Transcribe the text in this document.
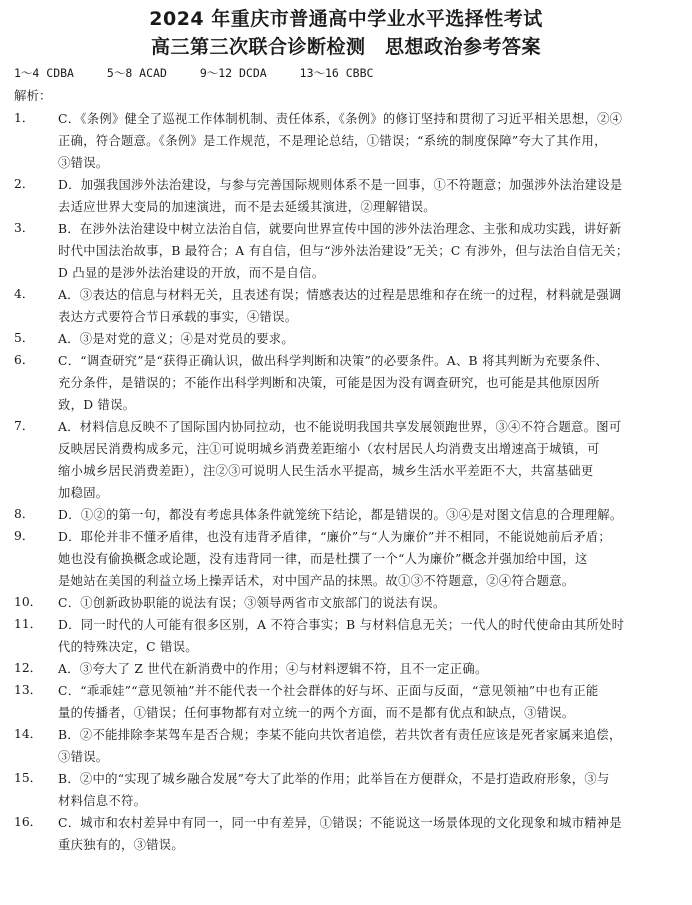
2024 年重庆市普通高中学业水平选择性考试
高三第三次联合诊断检测　思想政治参考答案
1～4 CDBA	5～8 ACAD	9～12 DCDA	13～16 CBBC
解析：
1．	C．《条例》健全了巡视工作体制机制、责任体系，《条例》的修订坚持和贯彻了习近平相关思想，②④
正确，符合题意。《条例》是工作规范，不是理论总结，①错误；“系统的制度保障”夸大了其作用，
③错误。
2．	D．加强我国涉外法治建设，与参与完善国际规则体系不是一回事，①不符题意；加强涉外法治建设是
去适应世界大变局的加速演进，而不是去延缓其演进，②理解错误。
3．	B．在涉外法治建设中树立法治自信，就要向世界宣传中国的涉外法治理念、主张和成功实践，讲好新
时代中国法治故事，B 最符合；A 有自信，但与“涉外法治建设”无关；C 有涉外，但与法治自信无关；
D 凸显的是涉外法治建设的开放，而不是自信。
4．	A．③表达的信息与材料无关，且表述有误；情感表达的过程是思维和存在统一的过程，材料就是强调
表达方式要符合节日承载的事实，④错误。
5．	A．③是对党的意义；④是对党员的要求。
6．	C．“调查研究”是“获得正确认识，做出科学判断和决策”的必要条件。A、B 将其判断为充要条件、
充分条件，是错误的；不能作出科学判断和决策，可能是因为没有调查研究，也可能是其他原因所
致，D 错误。
7．	A．材料信息反映不了国际国内协同拉动，也不能说明我国共享发展领跑世界，③④不符合题意。图可
反映居民消费构成多元，注①可说明城乡消费差距缩小（农村居民人均消费支出增速高于城镇，可
缩小城乡居民消费差距），注②③可说明人民生活水平提高，城乡生活水平差距不大，共富基础更
加稳固。
8．	D．①②的第一句，都没有考虑具体条件就笼统下结论，都是错误的。③④是对图文信息的合理理解。
9．	D．耶伦并非不懂矛盾律，也没有违背矛盾律，“廉价”与“人为廉价”并不相同，不能说她前后矛盾；
她也没有偷换概念或论题，没有违背同一律，而是杜撰了一个“人为廉价”概念并强加给中国，这
是她站在美国的利益立场上操弄话术，对中国产品的抹黑。故①③不符题意，②④符合题意。
10．	C．①创新政协职能的说法有误；③领导两省市文旅部门的说法有误。
11．	D．同一时代的人可能有很多区别，A 不符合事实；B 与材料信息无关；一代人的时代使命由其所处时
代的特殊决定，C 错误。
12．	A．③夸大了 Z 世代在新消费中的作用；④与材料逻辑不符，且不一定正确。
13．	C．“乖乖娃”“意见领袖”并不能代表一个社会群体的好与坏、正面与反面，“意见领袖”中也有正能
量的传播者，①错误；任何事物都有对立统一的两个方面，而不是都有优点和缺点，③错误。
14．	B．②不能排除李某驾车是否合规；李某不能向共饮者追偿，若共饮者有责任应该是死者家属来追偿，
③错误。
15．	B．②中的“实现了城乡融合发展”夸大了此举的作用；此举旨在方便群众，不是打造政府形象，③与
材料信息不符。
16．	C．城市和农村差异中有同一，同一中有差异，①错误；不能说这一场景体现的文化现象和城市精神是
重庆独有的，③错误。
